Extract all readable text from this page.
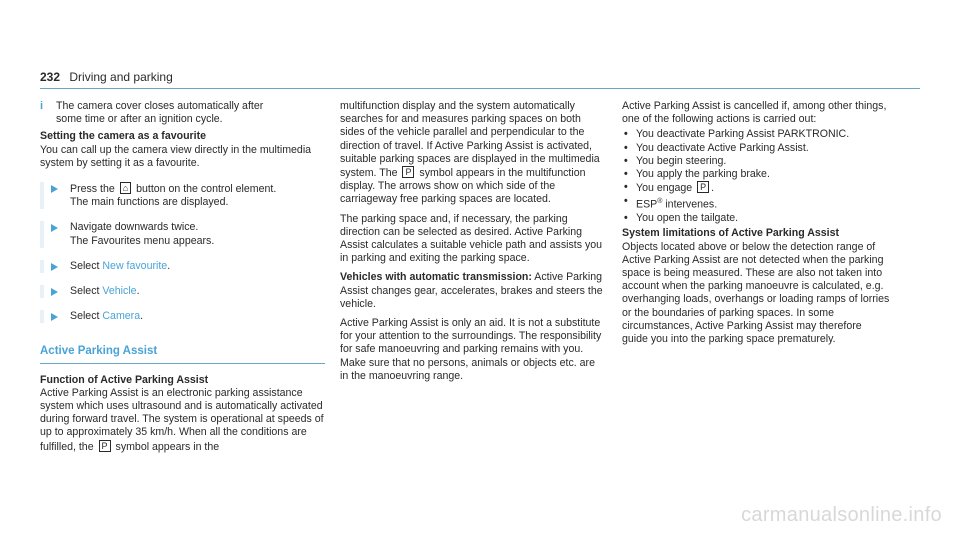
232 Driving and parking
i	The camera cover closes automatically after

some time or after an ignition cycle.

Setting the camera as a favourite

You can call up the camera view directly in the multimedia system by setting it as a favourite.

Press the ⌂ button on the control element.

The main functions are displayed.

Navigate downwards twice.

The Favourites menu appears.

Select New favourite.

Select Vehicle.

Select Camera.

Active Parking Assist

Function of Active Parking Assist

Active Parking Assist is an electronic parking assistance system which uses ultrasound and is automatically activated during forward travel. The system is operational at speeds of up to approximately 35 km/h. When all the conditions are fulfilled, the P symbol appears in the

multifunction display and the system automatically searches for and measures parking spaces on both sides of the vehicle parallel and perpendicular to the direction of travel. If Active Parking Assist is activated, suitable parking spaces are displayed in the multimedia system. The P symbol appears in the multifunction display. The arrows show on which side of the carriageway free parking spaces are located.

The parking space and, if necessary, the parking direction can be selected as desired. Active Parking Assist calculates a suitable vehicle path and assists you in parking and exiting the parking space.

Vehicles with automatic transmission: Active Parking Assist changes gear, accelerates, brakes and steers the vehicle.

Active Parking Assist is only an aid. It is not a substitute for your attention to the surroundings. The responsibility for safe manoeuvring and parking remains with you. Make sure that no persons, animals or objects etc. are in the manoeuvring range.

Active Parking Assist is cancelled if, among other things, one of the following actions is carried out:

• You deactivate Parking Assist PARKTRONIC.
• You deactivate Active Parking Assist.
• You begin steering.
• You apply the parking brake.
• You engage P .
• ESP® intervenes.
• You open the tailgate.

System limitations of Active Parking Assist

Objects located above or below the detection range of Active Parking Assist are not detected when the parking space is being measured. These are also not taken into account when the parking manoeuvre is calculated, e.g. overhanging loads, overhangs or loading ramps of lorries or the boundaries of parking spaces. In some circumstances, Active Parking Assist may therefore guide you into the parking space prematurely.

carmanualsonline.info
